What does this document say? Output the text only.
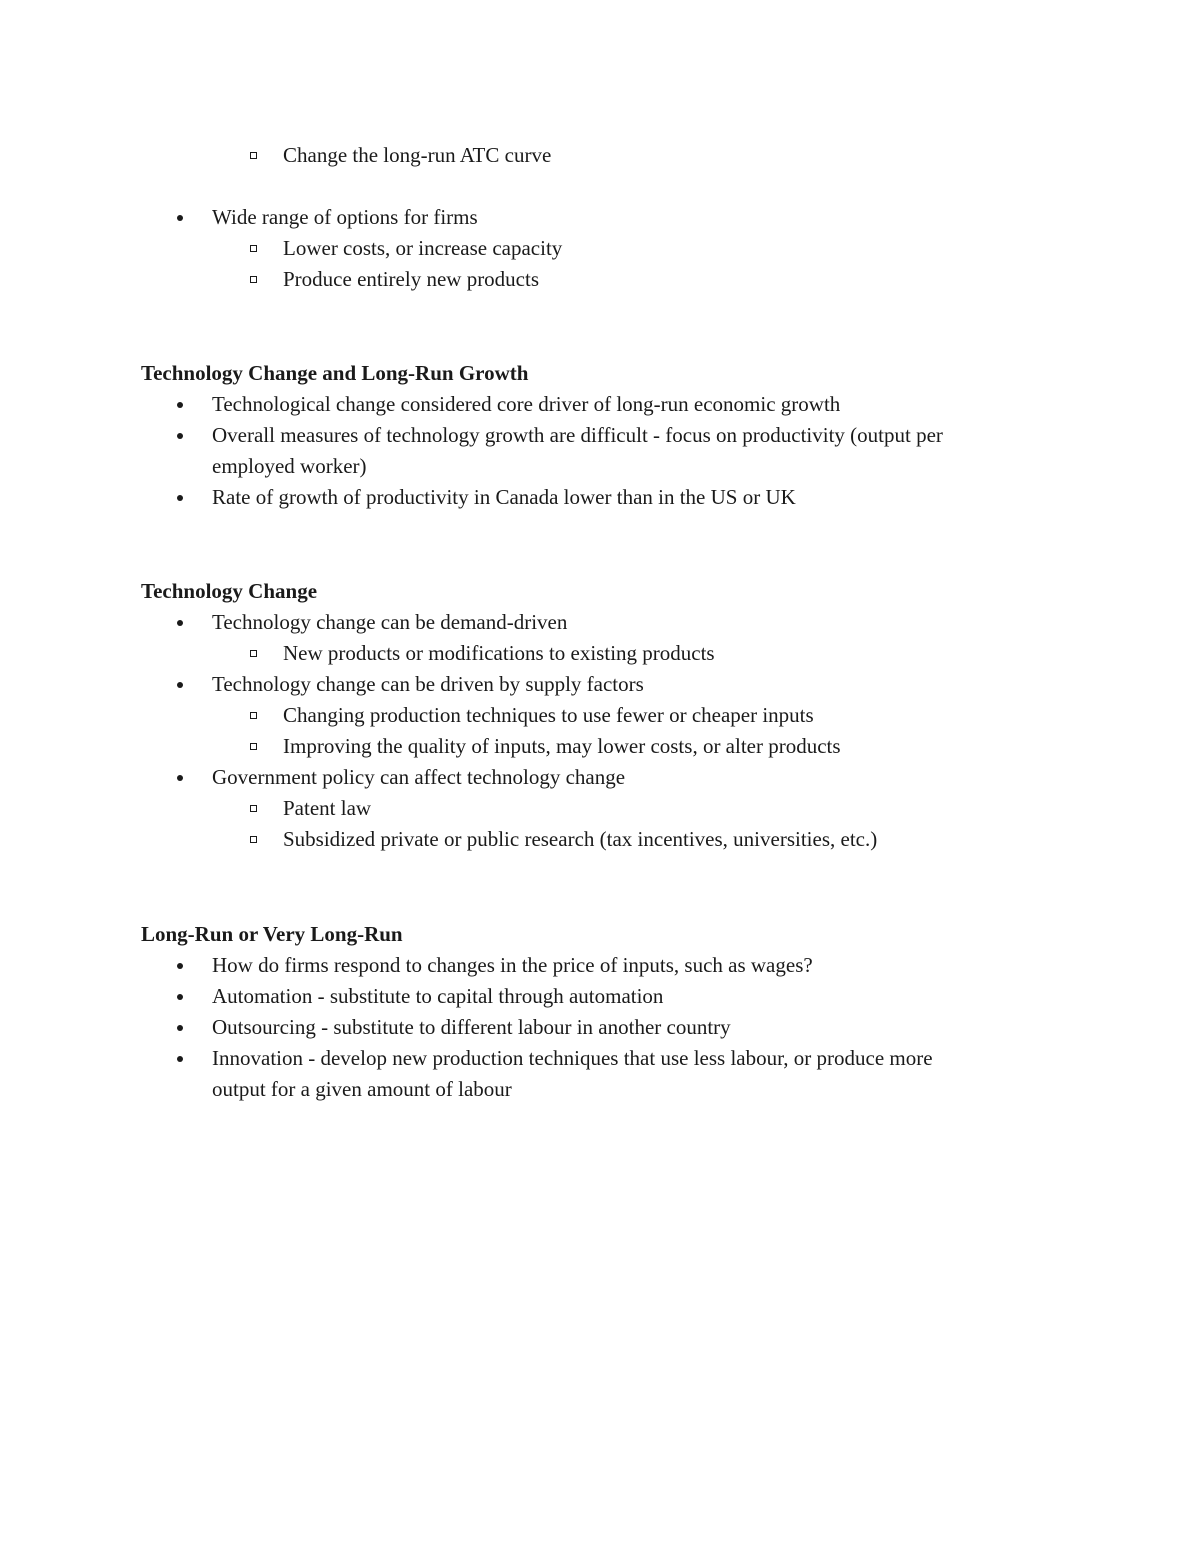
Change the long-run ATC curve
Wide range of options for firms
Lower costs, or increase capacity
Produce entirely new products
Technology Change and Long-Run Growth
Technological change considered core driver of long-run economic growth
Overall measures of technology growth are difficult - focus on productivity (output per
employed worker)
Rate of growth of productivity in Canada lower than in the US or UK
Technology Change
Technology change can be demand-driven
New products or modifications to existing products
Technology change can be driven by supply factors
Changing production techniques to use fewer or cheaper inputs
Improving the quality of inputs, may lower costs, or alter products
Government policy can affect technology change
Patent law
Subsidized private or public research (tax incentives, universities, etc.)
Long-Run or Very Long-Run
How do firms respond to changes in the price of inputs, such as wages?
Automation - substitute to capital through automation
Outsourcing - substitute to different labour in another country
Innovation - develop new production techniques that use less labour, or produce more
output for a given amount of labour
